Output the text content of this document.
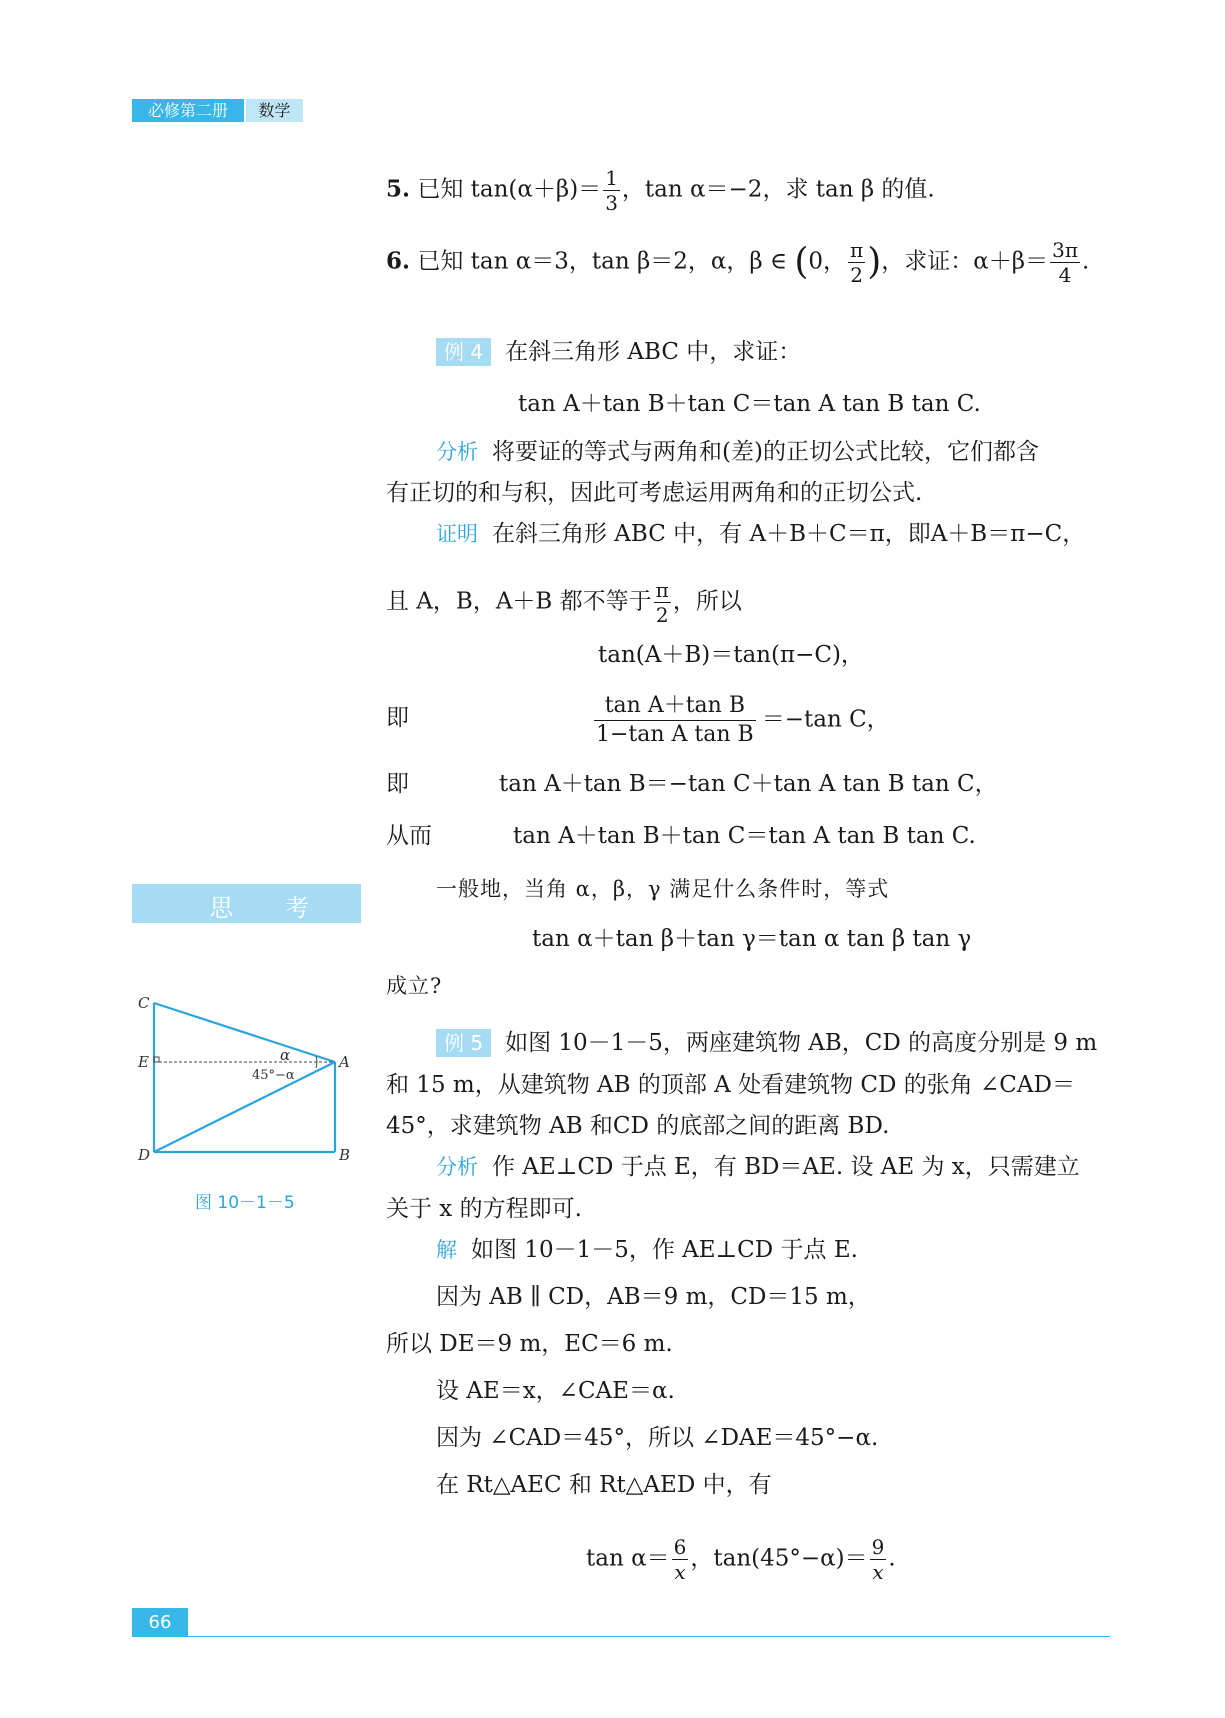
必修第二册	数学
5. 已知 $\tan(\alpha+\beta)= \frac{1}{3}$ ，tan α＝−2，求 tan β 的值.
6. 已知 tan α＝3，tan β＝2，α，β ∈ (0， $\frac{\pi}{2}$ )，求证：$\alpha+\beta= \frac{3\pi}{4}$ .
例 4 在斜三角形 ABC 中，求证：
tan A＋tan B＋tan C＝tan A tan B tan C.
分析 将要证的等式与两角和(差)的正切公式比较，它们都含
有正切的和与积，因此可考虑运用两角和的正切公式.
证明 在斜三角形 ABC 中，有 A＋B＋C＝π，即A＋B＝π−C，
且 A，B，A＋B 都不等于 $\frac{\pi}{2}$ ，所以
tan(A＋B)＝tan(π−C)，
即	$\frac{\text{tan A＋tan B}}{\text{1−tan A tan B}} =-\tan$ C，
即	tan A＋tan B＝−tan C＋tan A tan B tan C，
从而	tan A＋tan B＋tan C＝tan A tan B tan C.
思 考
一般地，当角 α，β，γ 满足什么条件时，等式
tan α＋tan β＋tan γ＝tan α tan β tan γ
成立?
C
E
D
A
B
α
45°−α
图 10－1－5
例 5 如图 10－1－5，两座建筑物 AB，CD 的高度分别是 9 m
和 15 m，从建筑物 AB 的顶部 A 处看建筑物 CD 的张角 ∠CAD＝
45°，求建筑物 AB 和CD 的底部之间的距离 BD.
分析 作 AE⊥CD 于点 E，有 BD＝AE. 设 AE 为 x，只需建立
关于 x 的方程即可.
解 如图 10－1－5，作 AE⊥CD 于点 E.
因为 AB ∥ CD，AB＝9 m，CD＝15 m，
所以 DE＝9 m，EC＝6 m.
设 AE＝x，∠CAE＝α.
因为 ∠CAD＝45°，所以 ∠DAE＝45°−α.
在 Rt△AEC 和 Rt△AED 中，有
$\tan \alpha= \frac{6}{x}$ ，$\tan(45^\circ-\alpha)= \frac{9}{x}$ .
66
